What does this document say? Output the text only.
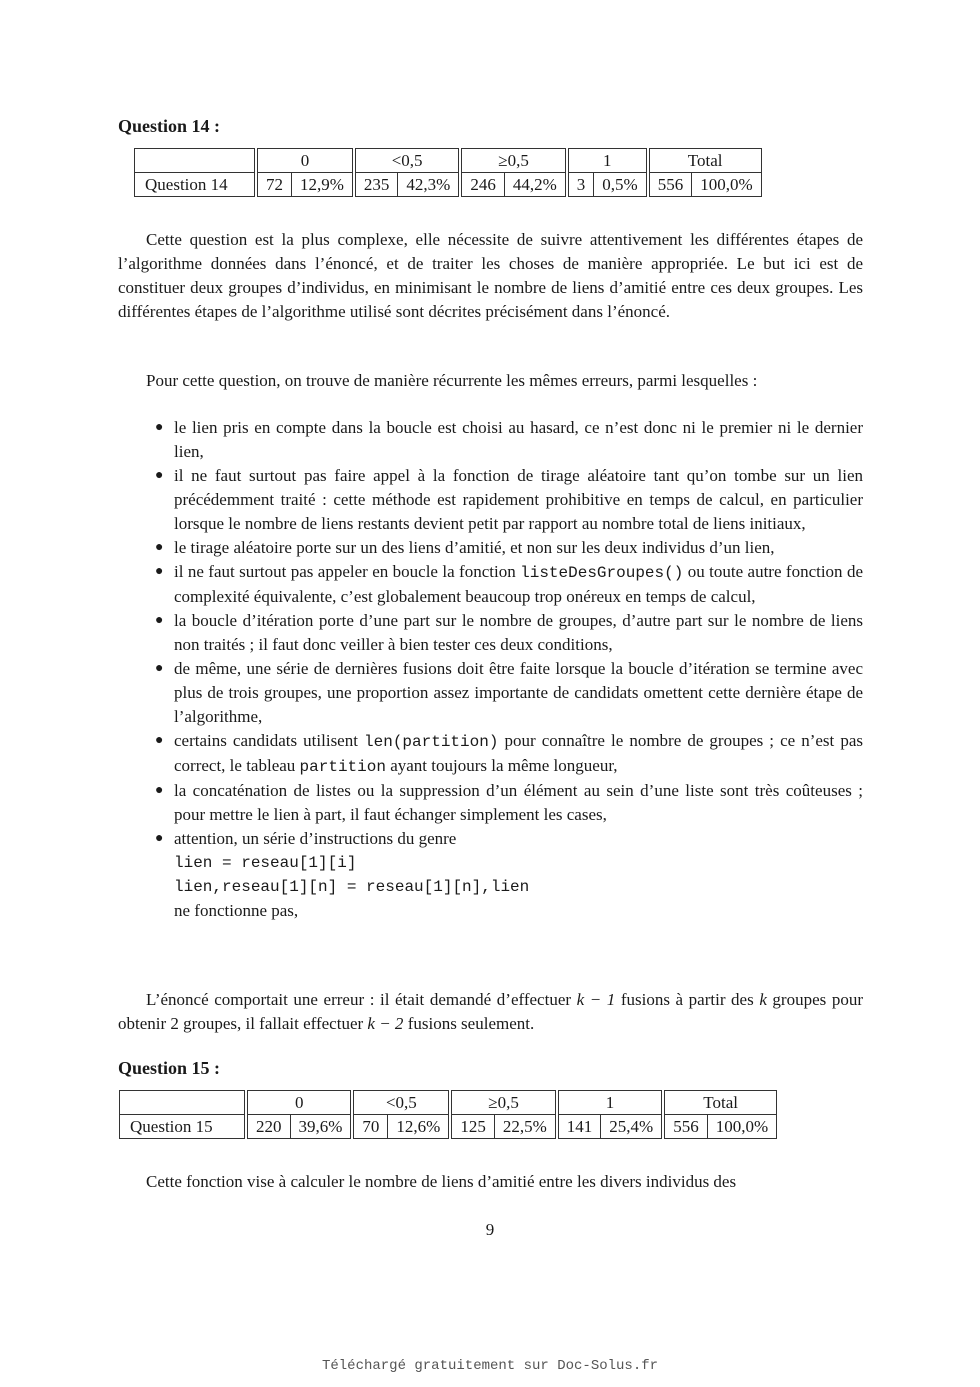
Question 14 :
	0		<0,5		≥0,5		1		Total	
Question 14	72	12,9%	235	42,3%	246	44,2%	3	0,5%	556	100,0%

Cette question est la plus complexe, elle nécessite de suivre attentivement les différentes étapes de l’algorithme données dans l’énoncé, et de traiter les choses de manière appropriée. Le but ici est de constituer deux groupes d’individus, en minimisant le nombre de liens d’amitié entre ces deux groupes. Les différentes étapes de l’algorithme utilisé sont décrites précisément dans l’énoncé.

Pour cette question, on trouve de manière récurrente les mêmes erreurs, parmi lesquelles :

● le lien pris en compte dans la boucle est choisi au hasard, ce n’est donc ni le premier ni le dernier lien,
● il ne faut surtout pas faire appel à la fonction de tirage aléatoire tant qu’on tombe sur un lien précédemment traité : cette méthode est rapidement prohibitive en temps de calcul, en particulier lorsque le nombre de liens restants devient petit par rapport au nombre total de liens initiaux,
● le tirage aléatoire porte sur un des liens d’amitié, et non sur les deux individus d’un lien,
● il ne faut surtout pas appeler en boucle la fonction listeDesGroupes() ou toute autre fonction de complexité équivalente, c’est globalement beaucoup trop onéreux en temps de calcul,
● la boucle d’itération porte d’une part sur le nombre de groupes, d’autre part sur le nombre de liens non traités ; il faut donc veiller à bien tester ces deux conditions,
● de même, une série de dernières fusions doit être faite lorsque la boucle d’itération se termine avec plus de trois groupes, une proportion assez importante de candidats omettent cette dernière étape de l’algorithme,
● certains candidats utilisent len(partition) pour connaître le nombre de groupes ; ce n’est pas correct, le tableau partition ayant toujours la même longueur,
● la concaténation de listes ou la suppression d’un élément au sein d’une liste sont très coûteuses ; pour mettre le lien à part, il faut échanger simplement les cases,
● attention, un série d’instructions du genre
lien = reseau[1][i]
lien,reseau[1][n] = reseau[1][n],lien
ne fonctionne pas,

L’énoncé comportait une erreur : il était demandé d’effectuer k − 1 fusions à partir des k groupes pour obtenir 2 groupes, il fallait effectuer k − 2 fusions seulement.

Question 15 :
	0		<0,5		≥0,5		1		Total	
Question 15	220	39,6%	70	12,6%	125	22,5%	141	25,4%	556	100,0%

Cette fonction vise à calculer le nombre de liens d’amitié entre les divers individus des

9
Téléchargé gratuitement sur Doc-Solus.fr
